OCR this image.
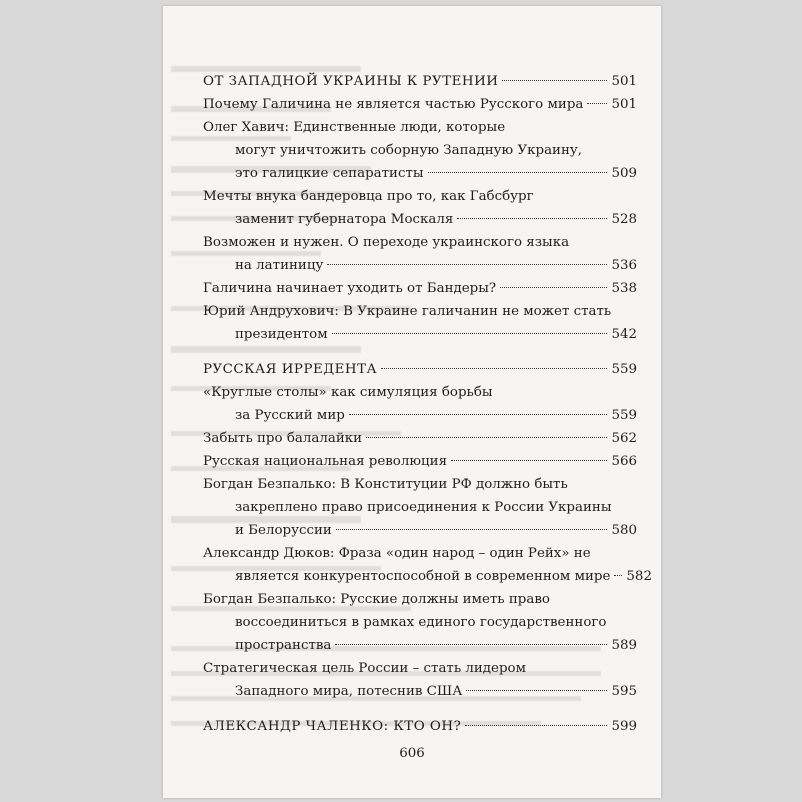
ОТ ЗАПАДНОЙ УКРАИНЫ К РУТЕНИИ	501
Почему Галичина не является частью Русского мира 501
Олег Хавич: Единственные люди, которые
могут уничтожить соборную Западную Украину,
это галицкие сепаратисты	509
Мечты внука бандеровца про то, как Габсбург
заменит губернатора Москаля	528
Возможен и нужен. О переходе украинского языка
на латиницу	536
Галичина начинает уходить от Бандеры?	538
Юрий Андрухович: В Украине галичанин не может стать
президентом	542
РУССКАЯ ИРРЕДЕНТА	559
«Круглые столы» как симуляция борьбы
за Русский мир	559
Забыть про балалайки	562
Русская национальная революция	566
Богдан Безпалько: В Конституции РФ должно быть
закреплено право присоединения к России Украины
и Белоруссии	580
Александр Дюков: Фраза «один народ – один Рейх» не
является конкурентоспособной в современном мире 582
Богдан Безпалько: Русские должны иметь право
воссоединиться в рамках единого государственного
пространства	589
Стратегическая цель России – стать лидером
Западного мира, потеснив США	595
АЛЕКСАНДР ЧАЛЕНКО: КТО ОН?	599
606
